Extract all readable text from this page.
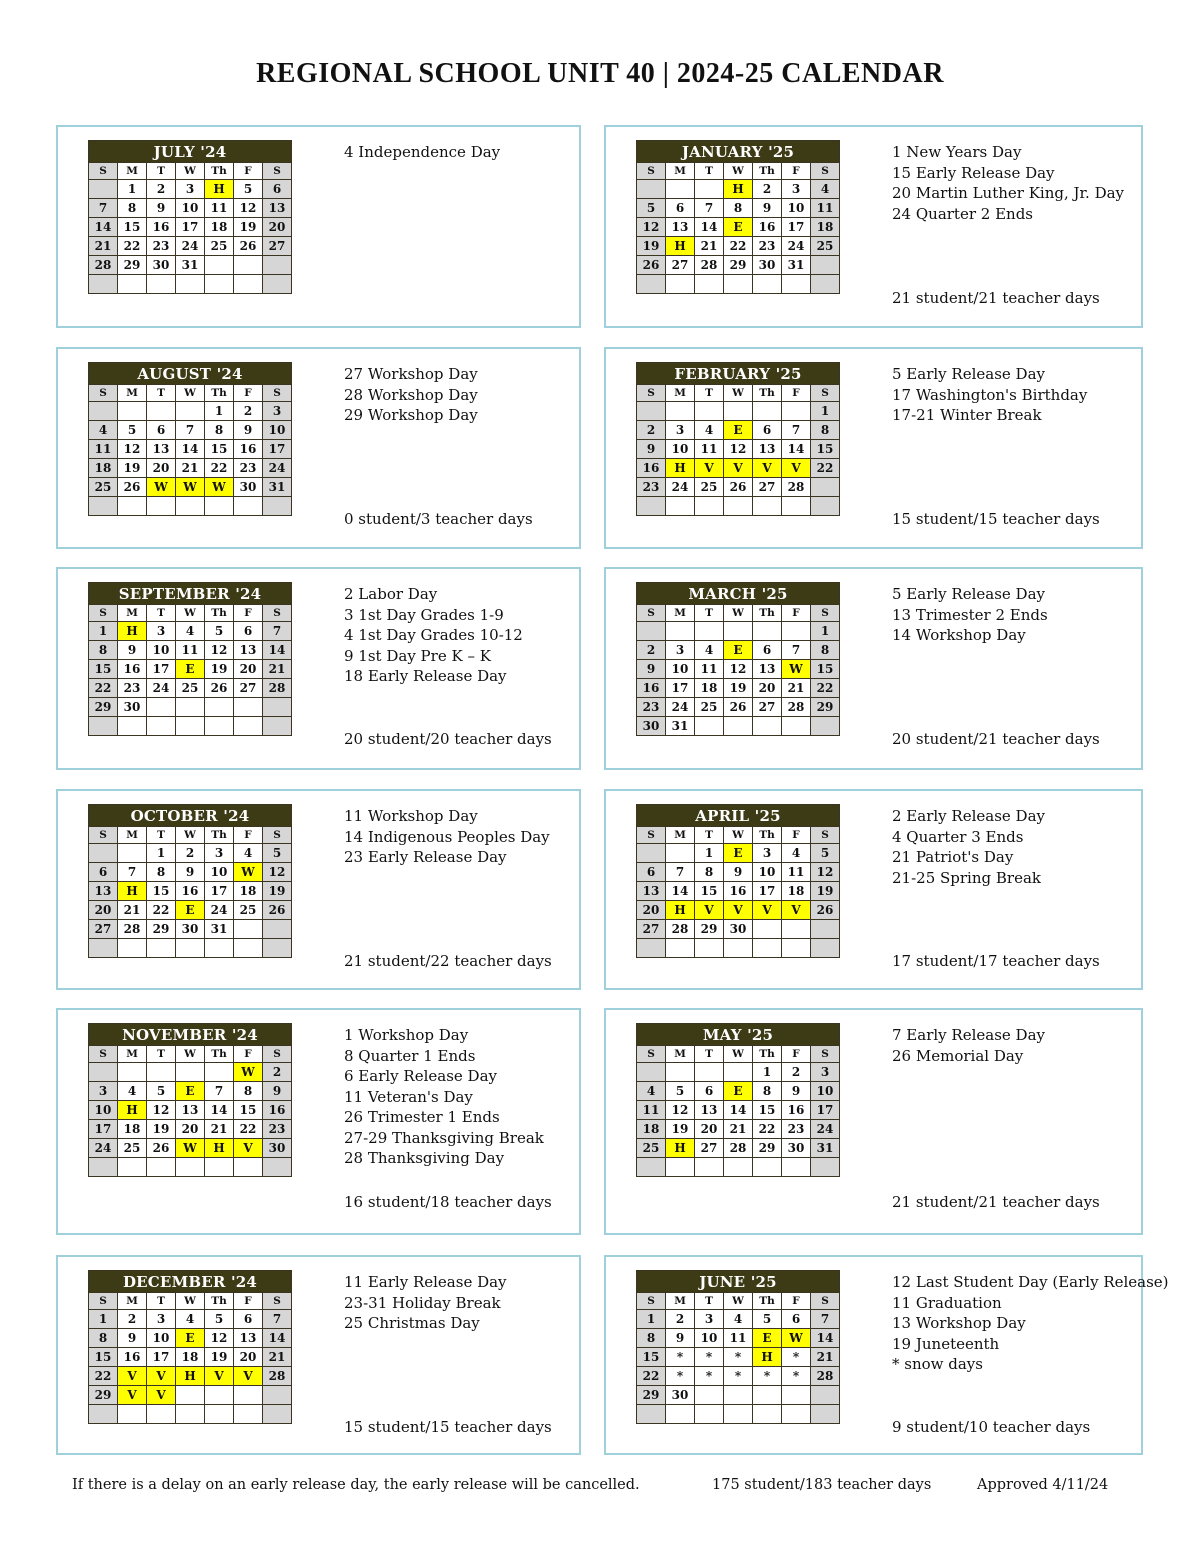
REGIONAL SCHOOL UNIT 40 | 2024-25 CALENDAR
JULY '24						
S	M	T	W	Th	F	S
	1	2	3	H	5	6
7	8	9	10	11	12	13
14	15	16	17	18	19	20
21	22	23	24	25	26	27
28	29	30	31			

4 Independence Day	JANUARY '25						
S	M	T	W	Th	F	S
			H	2	3	4
5	6	7	8	9	10	11
12	13	14	E	16	17	18
19	H	21	22	23	24	25
26	27	28	29	30	31	

1 New Years Day
15 Early Release Day
20 Martin Luther King, Jr. Day
24 Quarter 2 Ends
21 student/21 teacher days
AUGUST '24						
S	M	T	W	Th	F	S
				1	2	3
4	5	6	7	8	9	10
11	12	13	14	15	16	17
18	19	20	21	22	23	24
25	26	W	W	W	30	31

27 Workshop Day
28 Workshop Day
29 Workshop Day
0 student/3 teacher days
FEBRUARY '25						
S	M	T	W	Th	F	S
						1
2	3	4	E	6	7	8
9	10	11	12	13	14	15
16	H	V	V	V	V	22
23	24	25	26	27	28	

5 Early Release Day
17 Washington's Birthday
17-21 Winter Break
15 student/15 teacher days
SEPTEMBER '24						
S	M	T	W	Th	F	S
1	H	3	4	5	6	7
8	9	10	11	12	13	14
15	16	17	E	19	20	21
22	23	24	25	26	27	28
29	30					

2 Labor Day
3 1st Day Grades 1-9
4 1st Day Grades 10-12
9 1st Day Pre K – K
18 Early Release Day
20 student/20 teacher days
MARCH '25						
S	M	T	W	Th	F	S
						1
2	3	4	E	6	7	8
9	10	11	12	13	W	15
16	17	18	19	20	21	22
23	24	25	26	27	28	29
30	31					
5 Early Release Day
13 Trimester 2 Ends
14 Workshop Day
20 student/21 teacher days
OCTOBER '24						
S	M	T	W	Th	F	S
		1	2	3	4	5
6	7	8	9	10	W	12
13	H	15	16	17	18	19
20	21	22	E	24	25	26
27	28	29	30	31		

11 Workshop Day
14 Indigenous Peoples Day
23 Early Release Day
21 student/22 teacher days
APRIL '25						
S	M	T	W	Th	F	S
		1	E	3	4	5
6	7	8	9	10	11	12
13	14	15	16	17	18	19
20	H	V	V	V	V	26
27	28	29	30			

2 Early Release Day
4 Quarter 3 Ends
21 Patriot's Day
21-25 Spring Break
17 student/17 teacher days
NOVEMBER '24						
S	M	T	W	Th	F	S
					W	2
3	4	5	E	7	8	9
10	H	12	13	14	15	16
17	18	19	20	21	22	23
24	25	26	W	H	V	30

1 Workshop Day
8 Quarter 1 Ends
6 Early Release Day
11 Veteran's Day
26 Trimester 1 Ends
27-29 Thanksgiving Break
28 Thanksgiving Day
16 student/18 teacher days
MAY '25						
S	M	T	W	Th	F	S
				1	2	3
4	5	6	E	8	9	10
11	12	13	14	15	16	17
18	19	20	21	22	23	24
25	H	27	28	29	30	31

7 Early Release Day
26 Memorial Day
21 student/21 teacher days
DECEMBER '24						
S	M	T	W	Th	F	S
1	2	3	4	5	6	7
8	9	10	E	12	13	14
15	16	17	18	19	20	21
22	V	V	H	V	V	28
29	V	V				

11 Early Release Day
23-31 Holiday Break
25 Christmas Day
15 student/15 teacher days
JUNE '25						
S	M	T	W	Th	F	S
1	2	3	4	5	6	7
8	9	10	11	E	W	14
15	*	*	*	H	*	21
22	*	*	*	*	*	28
29	30					

12 Last Student Day (Early Release)
11 Graduation
13 Workshop Day
19 Juneteenth
* snow days
9 student/10 teacher days
If there is a delay on an early release day, the early release will be cancelled.	175 student/183 teacher days	Approved 4/11/24
